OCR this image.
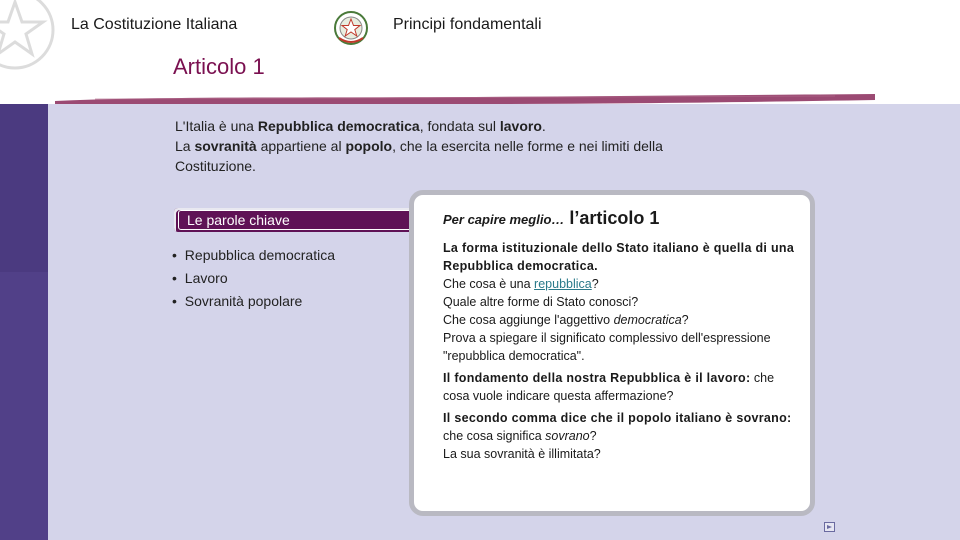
La Costituzione Italiana	Principi fondamentali
Articolo 1
L'Italia è una Repubblica democratica, fondata sul lavoro.
La sovranità appartiene al popolo, che la esercita nelle forme e nei limiti della Costituzione.
Le parole chiave
• Repubblica democratica
• Lavoro
• Sovranità popolare
Per capire meglio… l’articolo 1

La forma istituzionale dello Stato italiano è quella di una Repubblica democratica.
Che cosa è una repubblica?
Quale altre forme di Stato conosci?
Che cosa aggiunge l'aggettivo democratica?
Prova a spiegare il significato complessivo dell'espressione "repubblica democratica".

Il fondamento della nostra Repubblica è il lavoro: che cosa vuole indicare questa affermazione?

Il secondo comma dice che il popolo italiano è sovrano: che cosa significa sovrano?
La sua sovranità è illimitata?
